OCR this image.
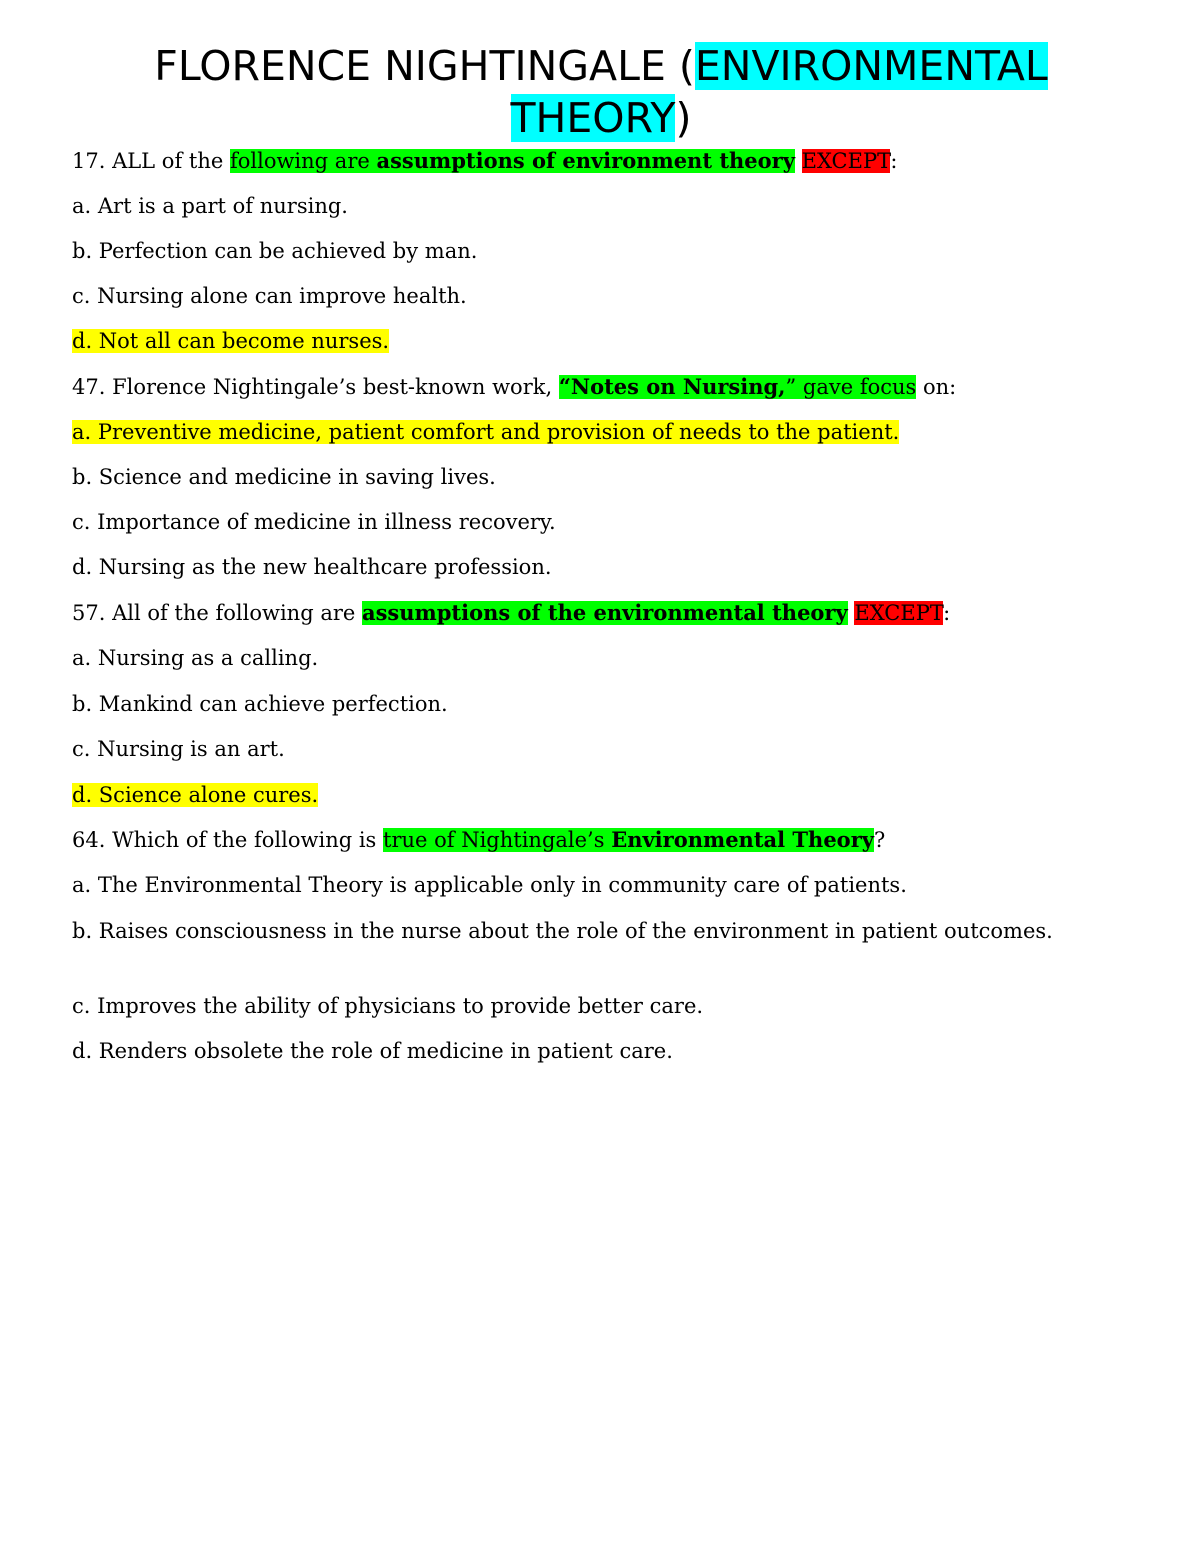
FLORENCE NIGHTINGALE (ENVIRONMENTAL THEORY)

17. ALL of the following are assumptions of environment theory EXCEPT:

a. Art is a part of nursing.

b. Perfection can be achieved by man.

c. Nursing alone can improve health.

d. Not all can become nurses.

47. Florence Nightingale’s best-known work, “Notes on Nursing,” gave focus on:

a. Preventive medicine, patient comfort and provision of needs to the patient.

b. Science and medicine in saving lives.

c. Importance of medicine in illness recovery.

d. Nursing as the new healthcare profession.

57. All of the following are assumptions of the environmental theory EXCEPT:

a. Nursing as a calling.

b. Mankind can achieve perfection.

c. Nursing is an art.

d. Science alone cures.

64. Which of the following is true of Nightingale’s Environmental Theory?

a. The Environmental Theory is applicable only in community care of patients.

b. Raises consciousness in the nurse about the role of the environment in patient outcomes.

c. Improves the ability of physicians to provide better care.

d. Renders obsolete the role of medicine in patient care.
